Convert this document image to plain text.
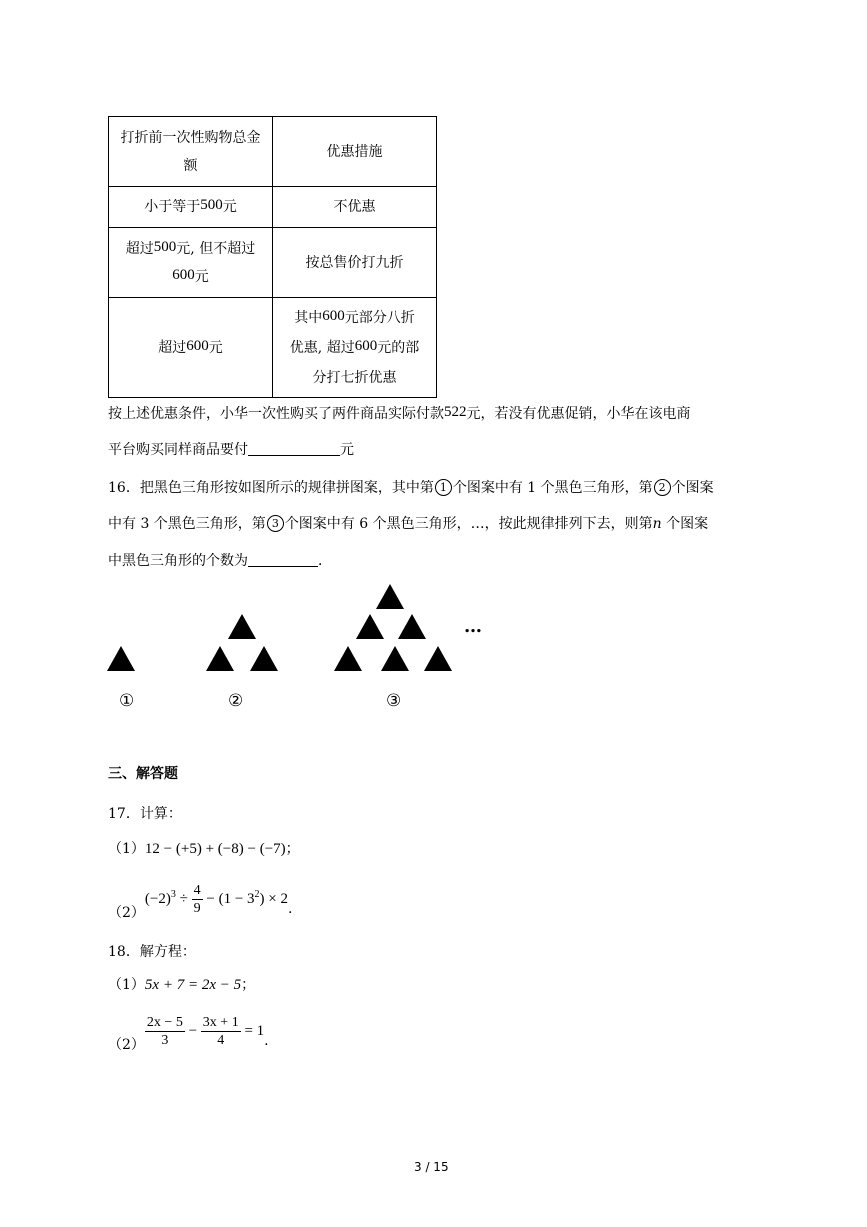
打折前一次性购物总金额	优惠措施
小于等于500元	不优惠
超过500元, 但不超过
600元	按总售价打九折
超过600元	其中600元部分八折
优惠, 超过600元的部
分打七折优惠
按上述优惠条件，小华一次性购买了两件商品实际付款522元，若没有优惠促销，小华在该电商
平台购买同样商品要付	元
16．把黑色三角形按如图所示的规律拼图案，其中第 1 个图案中有 1 个黑色三角形，第 2 个图案
中有 3 个黑色三角形，第 3 个图案中有 6 个黑色三角形，…，按此规律排列下去，则第n 个图案
中黑色三角形的个数为	．
…
①	②	③
三、解答题
17．计算：
（1）12 − (+5) + (−8) − (−7)；
$(2)(-2)^3 \div \frac{4}{9} - (1 - 3^2) \times 2$.
18．解方程：
（1）5x + 7 = 2x − 5；
$(2) \frac{2x - 5}{3} - \frac{3x + 1}{4} = 1$.
3 / 15
